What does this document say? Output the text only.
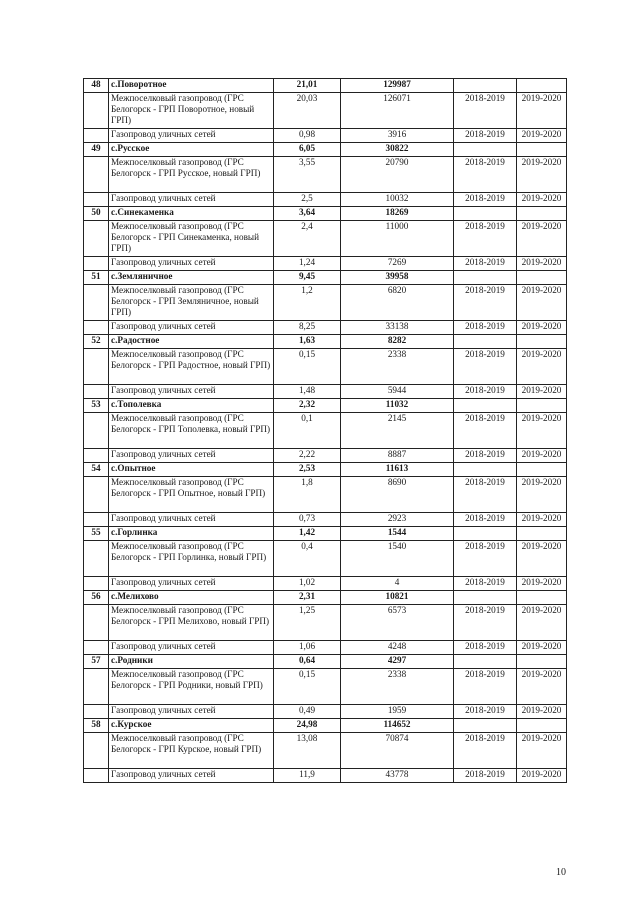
48	с.Поворотное	21,01	129987		
	Межпоселковый газопровод (ГРС Белогорск - ГРП Поворотное, новый ГРП)	20,03	126071	2018-2019	2019-2020
	Газопровод уличных сетей	0,98	3916	2018-2019	2019-2020
49	с.Русское	6,05	30822		
	Межпоселковый газопровод (ГРС Белогорск - ГРП Русское, новый ГРП)	3,55	20790	2018-2019	2019-2020
	Газопровод уличных сетей	2,5	10032	2018-2019	2019-2020
50	с.Синекаменка	3,64	18269		
	Межпоселковый газопровод (ГРС Белогорск - ГРП Синекаменка, новый ГРП)	2,4	11000	2018-2019	2019-2020
	Газопровод уличных сетей	1,24	7269	2018-2019	2019-2020
51	с.Земляничное	9,45	39958		
	Межпоселковый газопровод (ГРС Белогорск - ГРП Земляничное, новый ГРП)	1,2	6820	2018-2019	2019-2020
	Газопровод уличных сетей	8,25	33138	2018-2019	2019-2020
52	с.Радостное	1,63	8282		
	Межпоселковый газопровод (ГРС Белогорск - ГРП Радостное, новый ГРП)	0,15	2338	2018-2019	2019-2020
	Газопровод уличных сетей	1,48	5944	2018-2019	2019-2020
53	с.Тополевка	2,32	11032		
	Межпоселковый газопровод (ГРС Белогорск - ГРП Тополевка, новый ГРП)	0,1	2145	2018-2019	2019-2020
	Газопровод уличных сетей	2,22	8887	2018-2019	2019-2020
54	с.Опытное	2,53	11613		
	Межпоселковый газопровод (ГРС Белогорск - ГРП Опытное, новый ГРП)	1,8	8690	2018-2019	2019-2020
	Газопровод уличных сетей	0,73	2923	2018-2019	2019-2020
55	с.Горлинка	1,42	1544		
	Межпоселковый газопровод (ГРС Белогорск - ГРП Горлинка, новый ГРП)	0,4	1540	2018-2019	2019-2020
	Газопровод уличных сетей	1,02	4	2018-2019	2019-2020
56	с.Мелихово	2,31	10821		
	Межпоселковый газопровод (ГРС Белогорск - ГРП Мелихово, новый ГРП)	1,25	6573	2018-2019	2019-2020
	Газопровод уличных сетей	1,06	4248	2018-2019	2019-2020
57	с.Родники	0,64	4297		
	Межпоселковый газопровод (ГРС Белогорск - ГРП Родники, новый ГРП)	0,15	2338	2018-2019	2019-2020
	Газопровод уличных сетей	0,49	1959	2018-2019	2019-2020
58	с.Курское	24,98	114652		
	Межпоселковый газопровод (ГРС Белогорск - ГРП Курское, новый ГРП)	13,08	70874	2018-2019	2019-2020
	Газопровод уличных сетей	11,9	43778	2018-2019	2019-2020
10
